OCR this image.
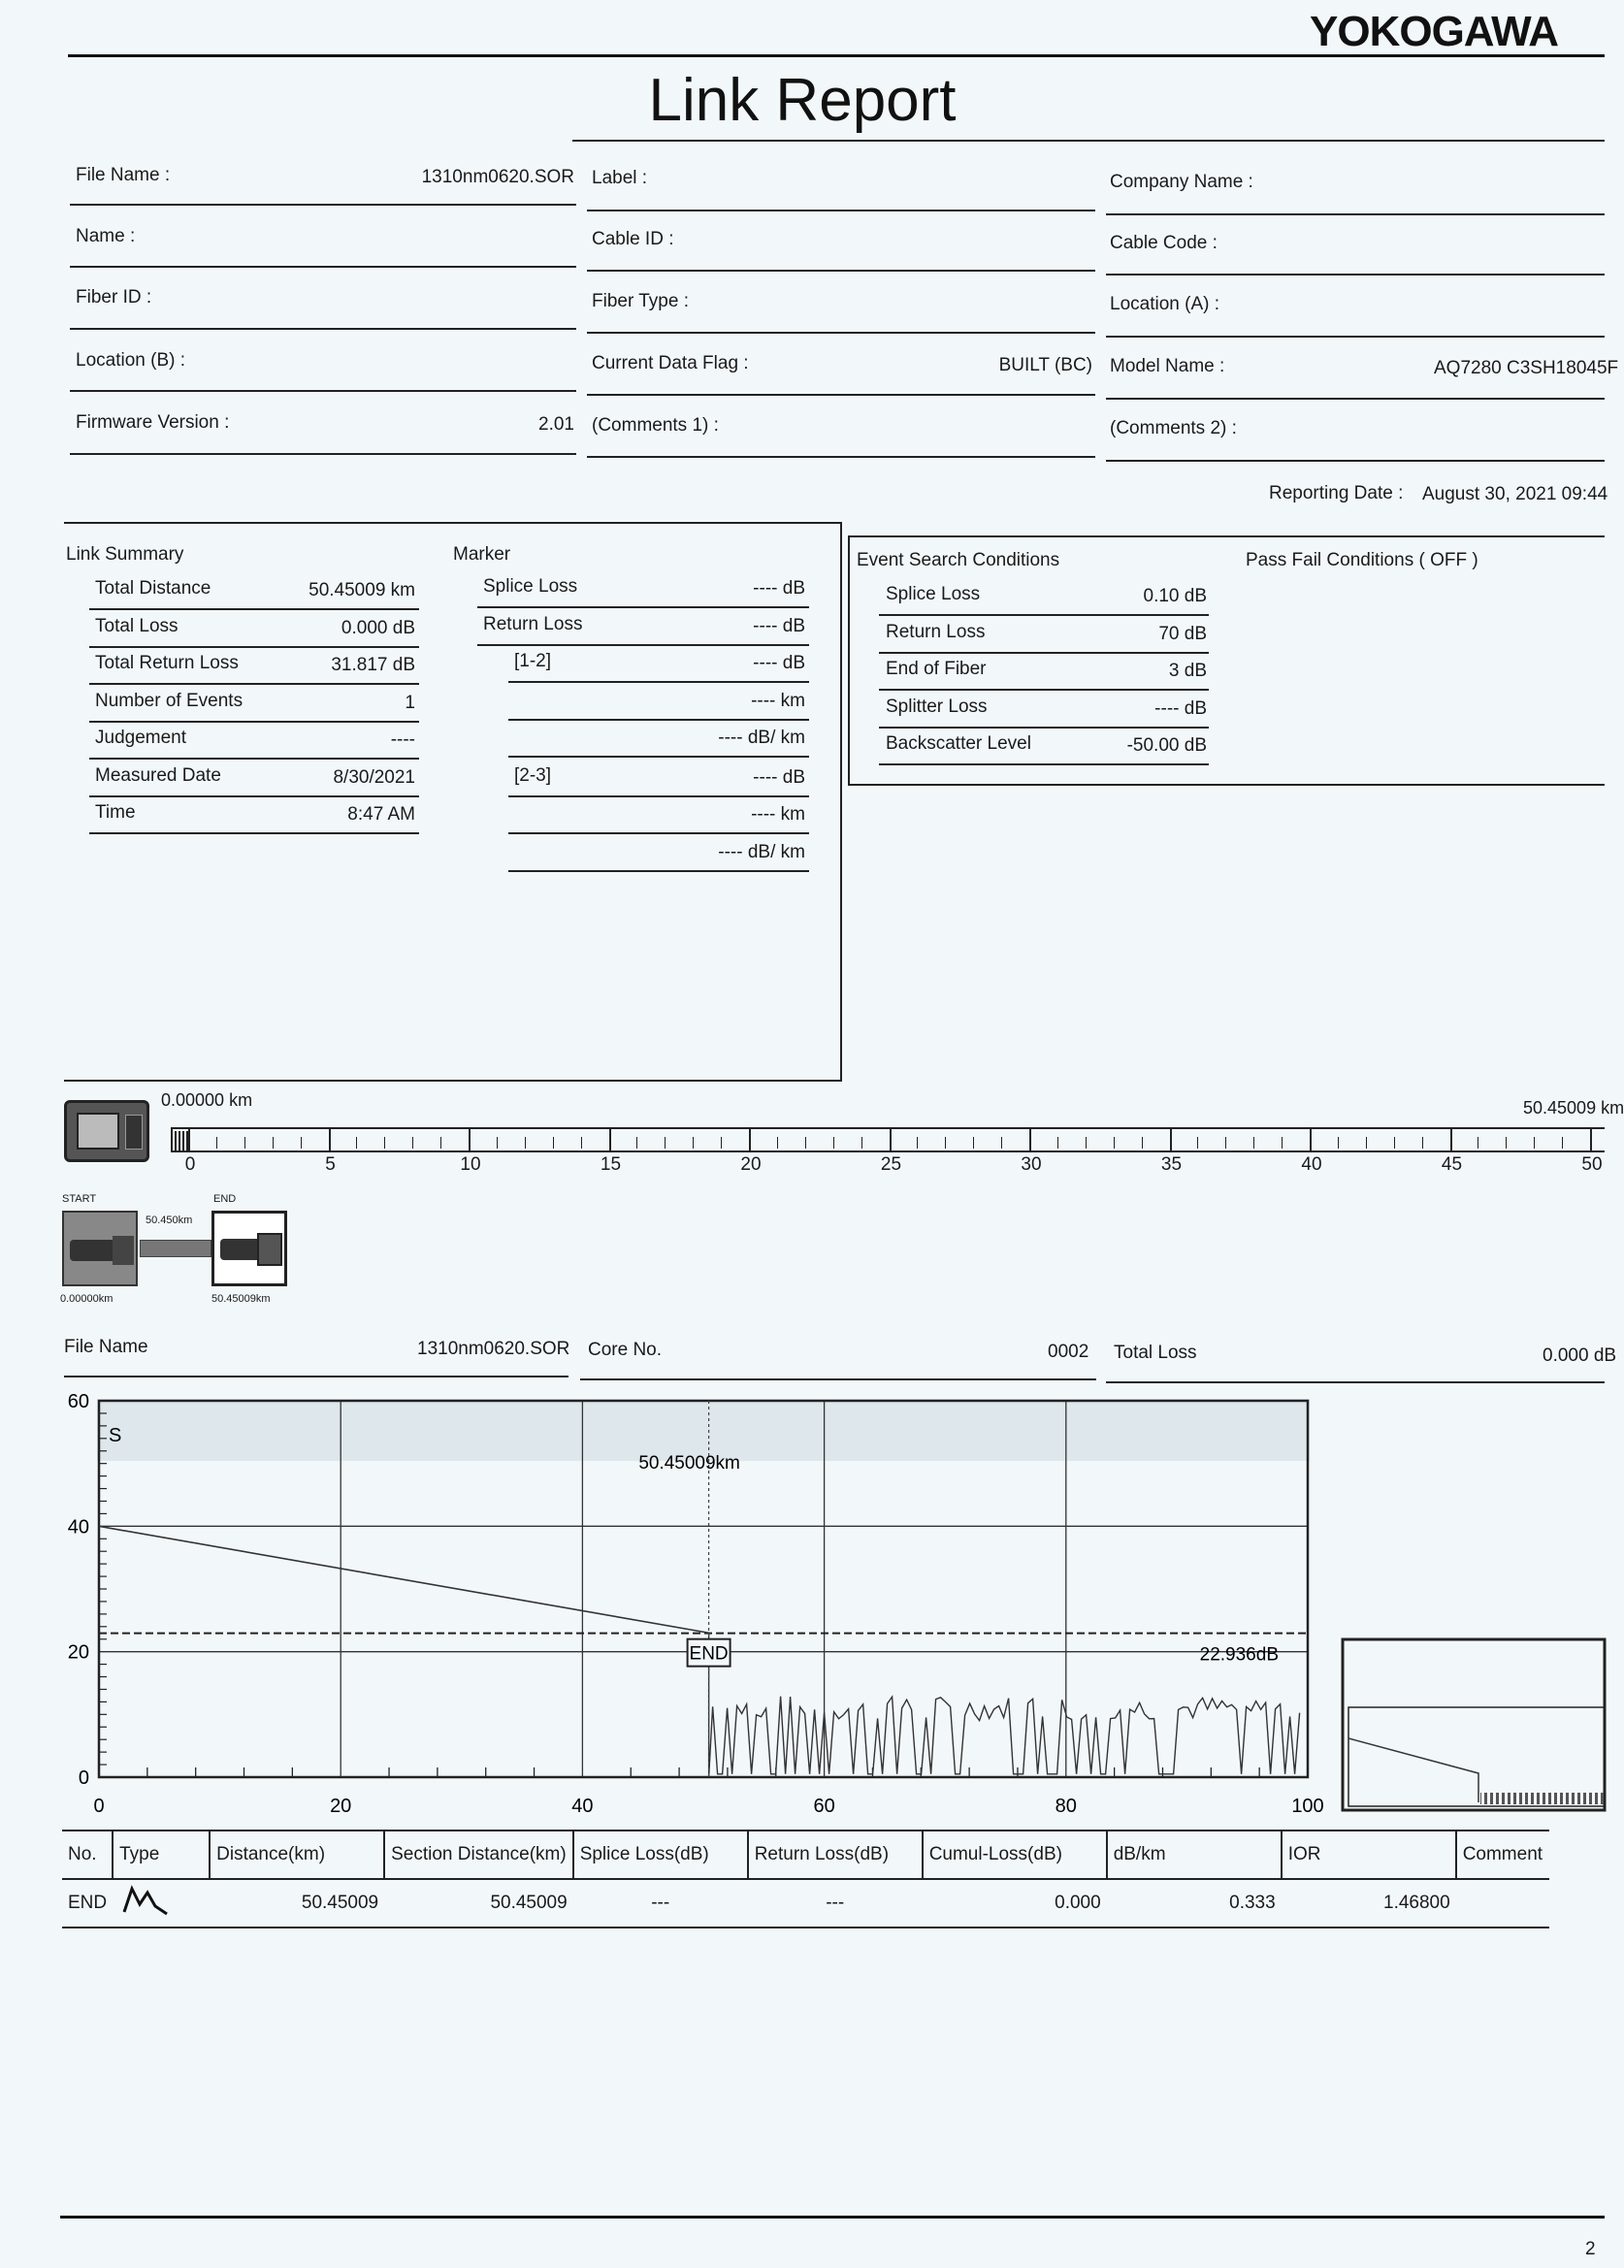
YOKOGAWA
Link Report
File Name :	1310nm0620.SOR Label :	Company Name :
Name :	Cable ID :	Cable Code :
Fiber ID :	Fiber Type :	Location (A) :
Location (B) :	Current Data Flag :	BUILT (BC) Model Name :	AQ7280 C3SH18045F
Firmware Version :	2.01 (Comments 1) :	(Comments 2) :
Reporting Date : August 30, 2021 09:44
Link Summary
Total Distance	50.45009 km
Total Loss	0.000 dB
Total Return Loss	31.817 dB
Number of Events	1
Judgement	----
Measured Date	8/30/2021
Time	8:47 AM
Marker
Splice Loss	---- dB
Return Loss	---- dB
[1-2]	---- dB
---- km
---- dB/ km
[2-3]	---- dB
---- km
---- dB/ km
Event Search Conditions
Splice Loss	0.10 dB
Return Loss	70 dB
End of Fiber	3 dB
Splitter Loss	---- dB
Backscatter Level	-50.00 dB
Pass Fail Conditions ( OFF )
0.00000 km	50.45009 km
0	5	10	15	20	25	30	35	40	45	50
START	END
50.450km
0.00000km	50.45009km
File Name	1310nm0620.SOR Core No.	0002 Total Loss	0.000 dB
0
20
40
60
0	20	40	60	80	100
END
50.45009km
S
22.936dB
No.	Type	Distance(km)	Section Distance(km)	Splice Loss(dB)	Return Loss(dB)	Cumul-Loss(dB)	dB/km	IOR	Comment
END		50.45009	50.45009	---	---	0.000	0.333	1.46800	
2
